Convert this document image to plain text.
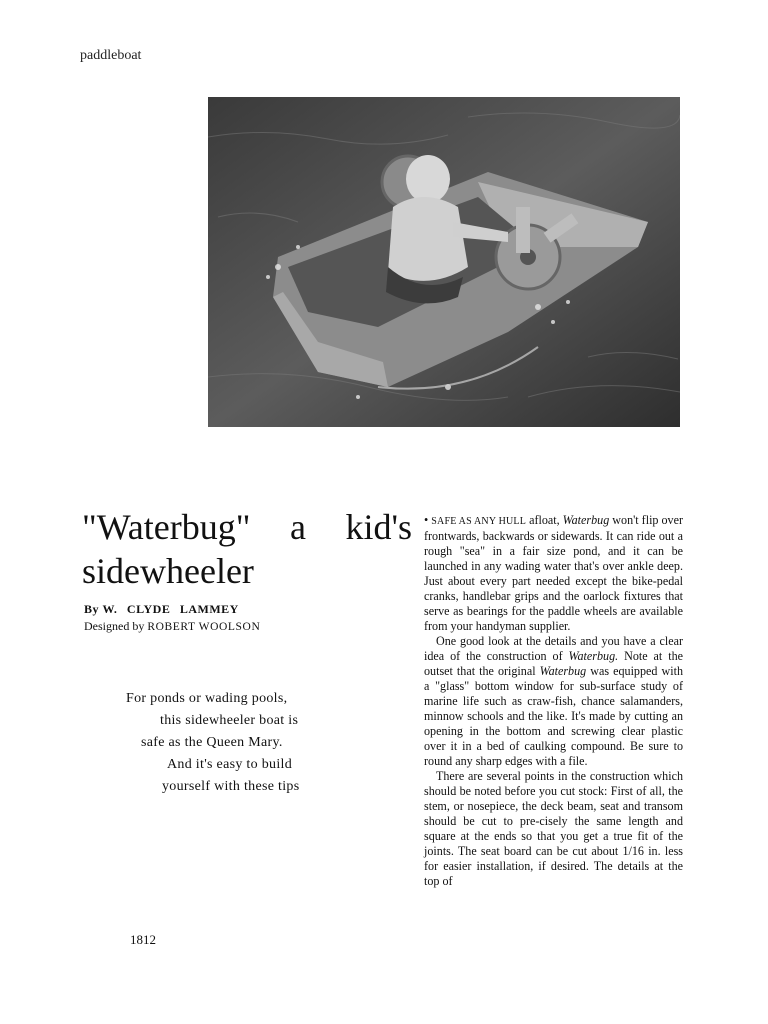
paddleboat
"Waterbug" a kid's sidewheeler
By W. CLYDE LAMMEY
Designed by ROBERT WOOLSON
For ponds or wading pools,
this sidewheeler boat is
safe as the Queen Mary.
And it's easy to build
yourself with these tips

• SAFE AS ANY HULL afloat, Waterbug won't flip over frontwards, backwards or sidewards. It can ride out a rough "sea" in a fair size pond, and it can be launched in any wading water that's over ankle deep. Just about every part needed except the bike-pedal cranks, handlebar grips and the oarlock fixtures that serve as bearings for the paddle wheels are available from your handyman supplier.

One good look at the details and you have a clear idea of the construction of Waterbug. Note at the outset that the original Waterbug was equipped with a "glass" bottom window for sub-surface study of marine life such as craw-fish, chance salamanders, minnow schools and the like. It's made by cutting an opening in the bottom and screwing clear plastic over it in a bed of caulking compound. Be sure to round any sharp edges with a file.

There are several points in the construction which should be noted before you cut stock: First of all, the stem, or nosepiece, the deck beam, seat and transom should be cut to pre-cisely the same length and square at the ends so that you get a true fit of the joints. The seat board can be cut about 1/16 in. less for easier installation, if desired. The details at the top of

1812
